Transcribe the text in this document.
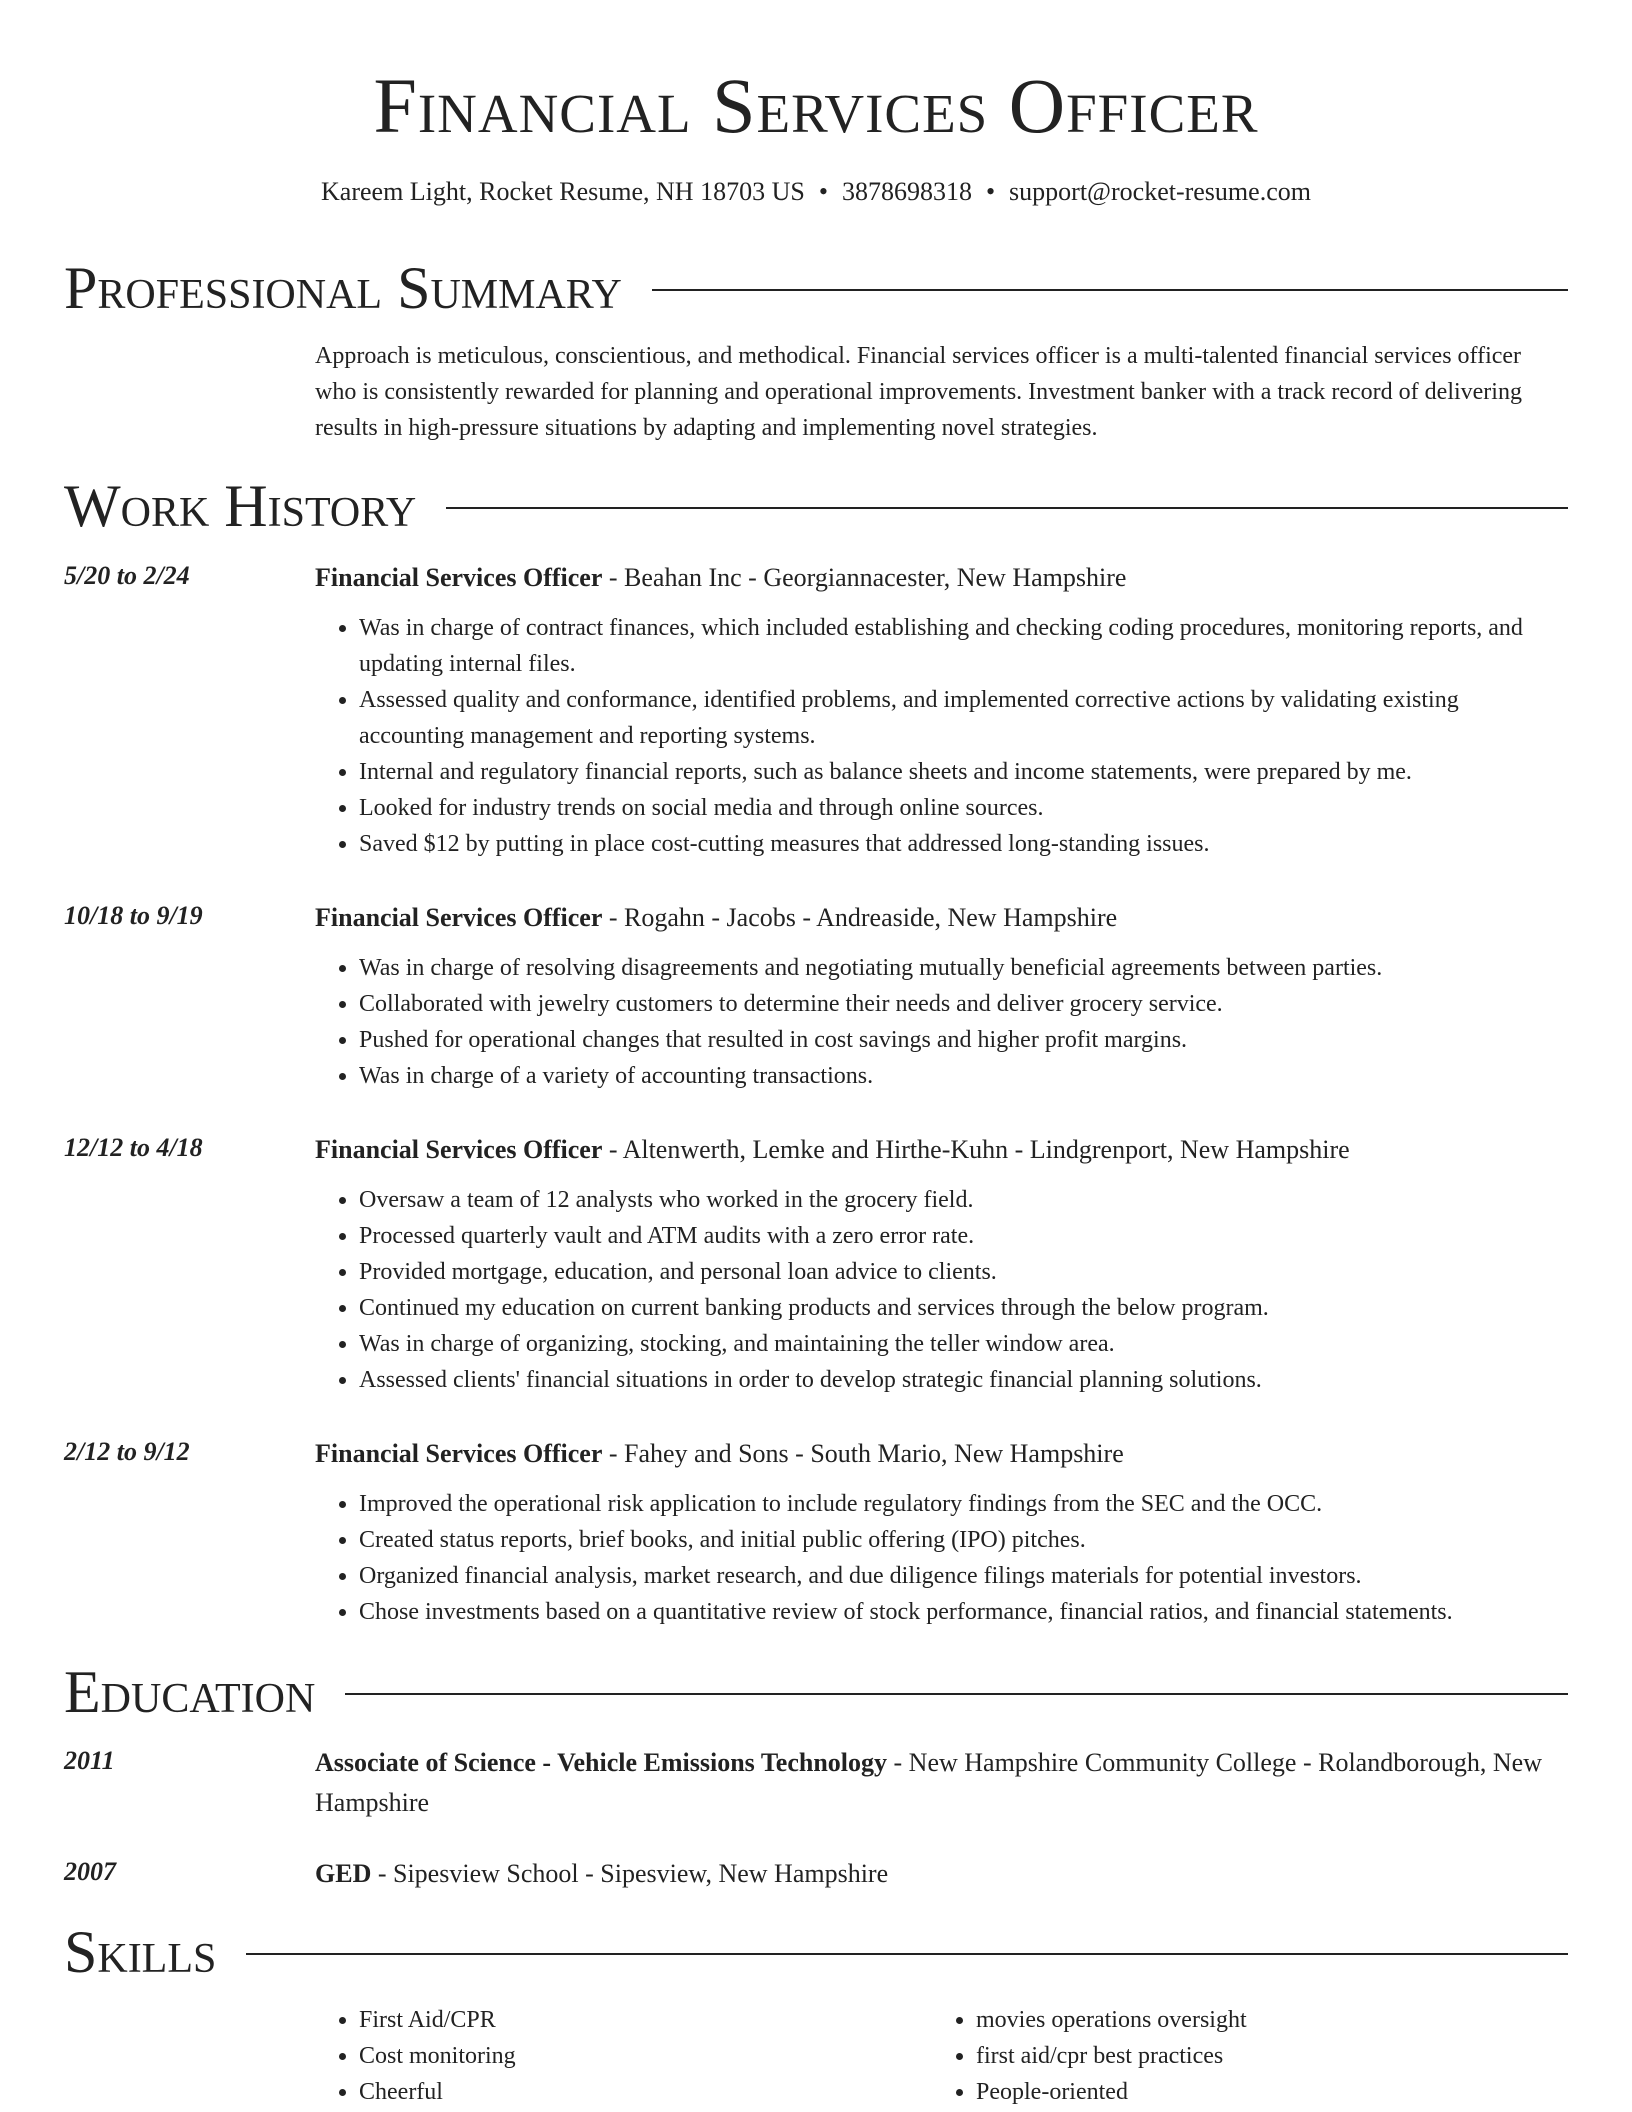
Financial Services Officer
Kareem Light, Rocket Resume, NH 18703 US • 3878698318 • support@rocket-resume.com
Professional Summary
Approach is meticulous, conscientious, and methodical. Financial services officer is a multi-talented financial services officer who is consistently rewarded for planning and operational improvements. Investment banker with a track record of delivering results in high-pressure situations by adapting and implementing novel strategies.
Work History
5/20 to 2/24	Financial Services Officer - Beahan Inc - Georgiannacester, New Hampshire
• Was in charge of contract finances, which included establishing and checking coding procedures, monitoring reports, and updating internal files.
• Assessed quality and conformance, identified problems, and implemented corrective actions by validating existing accounting management and reporting systems.
• Internal and regulatory financial reports, such as balance sheets and income statements, were prepared by me.
• Looked for industry trends on social media and through online sources.
• Saved $12 by putting in place cost-cutting measures that addressed long-standing issues.
10/18 to 9/19	Financial Services Officer - Rogahn - Jacobs - Andreaside, New Hampshire
• Was in charge of resolving disagreements and negotiating mutually beneficial agreements between parties.
• Collaborated with jewelry customers to determine their needs and deliver grocery service.
• Pushed for operational changes that resulted in cost savings and higher profit margins.
• Was in charge of a variety of accounting transactions.
12/12 to 4/18	Financial Services Officer - Altenwerth, Lemke and Hirthe-Kuhn - Lindgrenport, New Hampshire
• Oversaw a team of 12 analysts who worked in the grocery field.
• Processed quarterly vault and ATM audits with a zero error rate.
• Provided mortgage, education, and personal loan advice to clients.
• Continued my education on current banking products and services through the below program.
• Was in charge of organizing, stocking, and maintaining the teller window area.
• Assessed clients' financial situations in order to develop strategic financial planning solutions.
2/12 to 9/12	Financial Services Officer - Fahey and Sons - South Mario, New Hampshire
• Improved the operational risk application to include regulatory findings from the SEC and the OCC.
• Created status reports, brief books, and initial public offering (IPO) pitches.
• Organized financial analysis, market research, and due diligence filings materials for potential investors.
• Chose investments based on a quantitative review of stock performance, financial ratios, and financial statements.
Education
2011	Associate of Science - Vehicle Emissions Technology - New Hampshire Community College - Rolandborough, New Hampshire
2007	GED - Sipesview School - Sipesview, New Hampshire
Skills
• First Aid/CPR
• Cost monitoring
• Cheerful
• movies operations oversight
• first aid/cpr best practices
• People-oriented
